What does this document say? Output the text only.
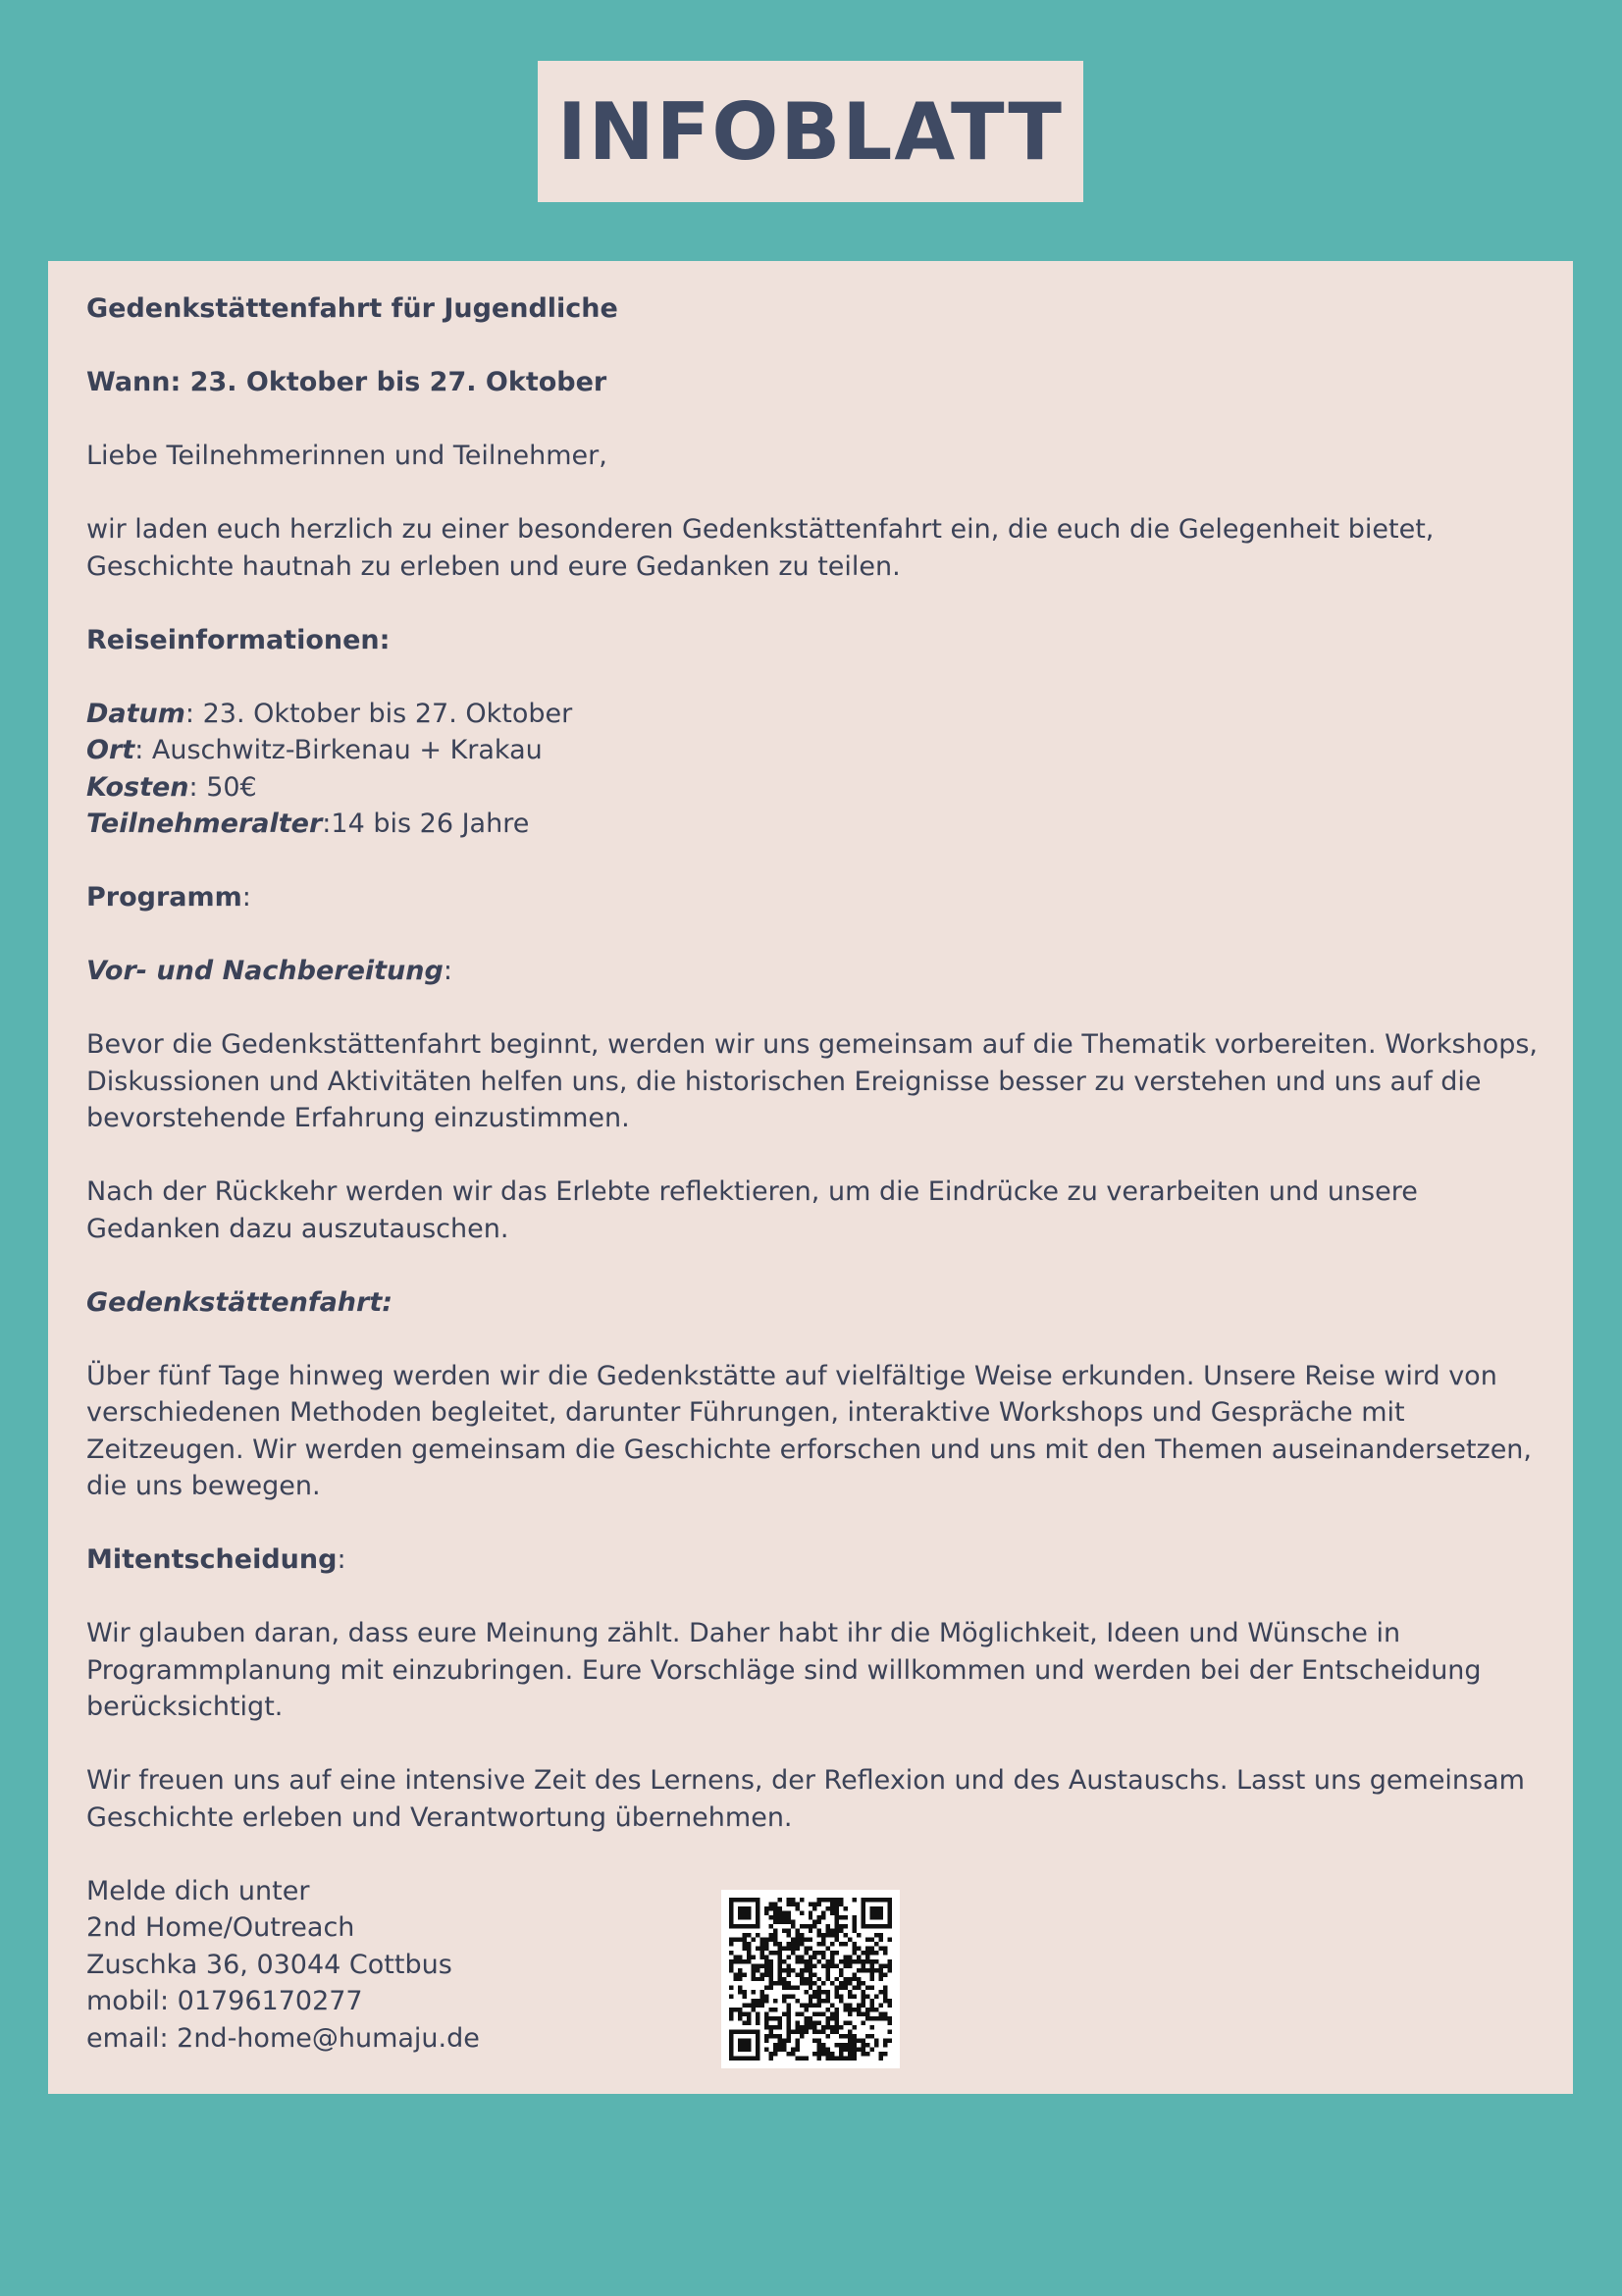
INFOBLATT

Gedenkstättenfahrt für Jugendliche

Wann: 23. Oktober bis 27. Oktober

Liebe Teilnehmerinnen und Teilnehmer,

wir laden euch herzlich zu einer besonderen Gedenkstättenfahrt ein, die euch die Gelegenheit bietet, Geschichte hautnah zu erleben und eure Gedanken zu teilen.

Reiseinformationen:

Datum: 23. Oktober bis 27. Oktober
Ort: Auschwitz-Birkenau + Krakau
Kosten: 50€
Teilnehmeralter:14 bis 26 Jahre

Programm:

Vor- und Nachbereitung:

Bevor die Gedenkstättenfahrt beginnt, werden wir uns gemeinsam auf die Thematik vorbereiten. Workshops, Diskussionen und Aktivitäten helfen uns, die historischen Ereignisse besser zu verstehen und uns auf die bevorstehende Erfahrung einzustimmen.

Nach der Rückkehr werden wir das Erlebte reflektieren, um die Eindrücke zu verarbeiten und unsere Gedanken dazu auszutauschen.

Gedenkstättenfahrt:

Über fünf Tage hinweg werden wir die Gedenkstätte auf vielfältige Weise erkunden. Unsere Reise wird von verschiedenen Methoden begleitet, darunter Führungen, interaktive Workshops und Gespräche mit Zeitzeugen. Wir werden gemeinsam die Geschichte erforschen und uns mit den Themen auseinandersetzen, die uns bewegen.

Mitentscheidung:

Wir glauben daran, dass eure Meinung zählt. Daher habt ihr die Möglichkeit, Ideen und Wünsche in Programmplanung mit einzubringen. Eure Vorschläge sind willkommen und werden bei der Entscheidung berücksichtigt.

Wir freuen uns auf eine intensive Zeit des Lernens, der Reflexion und des Austauschs. Lasst uns gemeinsam Geschichte erleben und Verantwortung übernehmen.

Melde dich unter

2nd Home/Outreach

Zuschka 36, 03044 Cottbus

mobil: 01796170277

email: 2nd-home@humaju.de
